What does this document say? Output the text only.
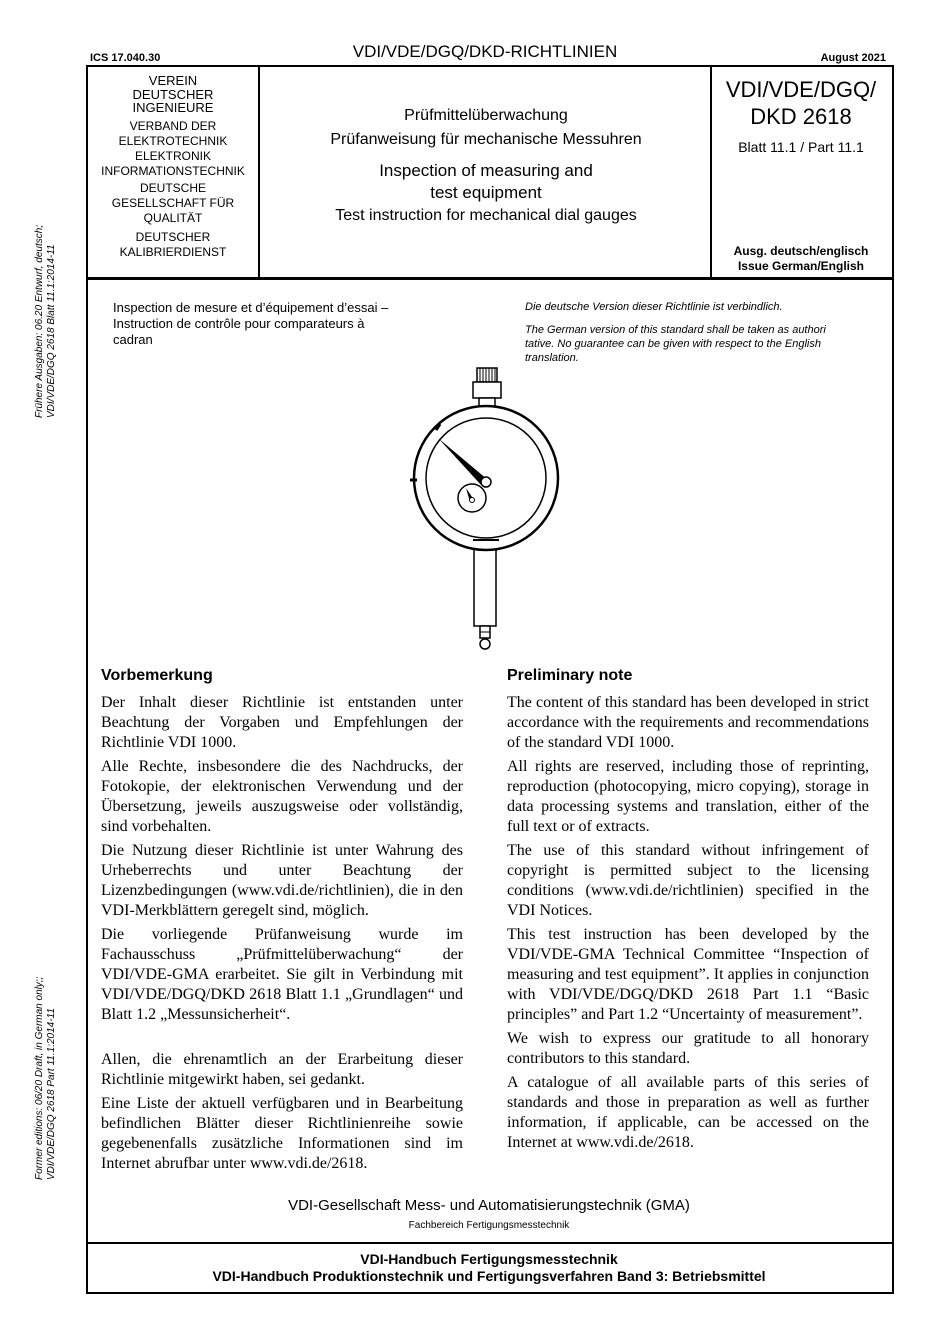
ICS 17.040.30	VDI/VDE/DGQ/DKD-RICHTLINIEN	August 2021
VEREIN
DEUTSCHER
INGENIEURE
VERBAND DER
ELEKTROTECHNIK
ELEKTRONIK
INFORMATIONSTECHNIK
DEUTSCHE
GESELLSCHAFT FÜR
QUALITÄT
DEUTSCHER
KALIBRIERDIENST
Prüfmittelüberwachung
Prüfanweisung für mechanische Messuhren
Inspection of measuring and
test equipment
Test instruction for mechanical dial gauges
VDI/VDE/DGQ/
DKD 2618
Blatt 11.1 / Part 11.1
Ausg. deutsch/englisch
Issue German/English
Inspection de mesure et d’équipement d’essai –
Instruction de contrôle pour comparateurs à
cadran
Die deutsche Version dieser Richtlinie ist verbindlich.
The German version of this standard shall be taken as authori
tative. No guarantee can be given with respect to the English
translation.
Vorbemerkung

Der Inhalt dieser Richtlinie ist entstanden unter Beachtung der Vorgaben und Empfehlungen der Richtlinie VDI 1000.

Alle Rechte, insbesondere die des Nachdrucks, der Fotokopie, der elektronischen Verwendung und der Übersetzung, jeweils auszugsweise oder vollständig, sind vorbehalten.

Die Nutzung dieser Richtlinie ist unter Wahrung des Urheberrechts und unter Beachtung der Lizenzbedingungen (www.vdi.de/richtlinien), die in den VDI-Merkblättern geregelt sind, möglich.

Die vorliegende Prüfanweisung wurde im Fachausschuss „Prüfmittelüberwachung“ der VDI/VDE-GMA erarbeitet. Sie gilt in Verbindung mit VDI/VDE/DGQ/DKD 2618 Blatt 1.1 „Grundlagen“ und Blatt 1.2 „Messunsicherheit“.

Allen, die ehrenamtlich an der Erarbeitung dieser Richtlinie mitgewirkt haben, sei gedankt.

Eine Liste der aktuell verfügbaren und in Bearbeitung befindlichen Blätter dieser Richtlinienreihe sowie gegebenenfalls zusätzliche Informationen sind im Internet abrufbar unter www.vdi.de/2618.

Preliminary note

The content of this standard has been developed in strict accordance with the requirements and recommendations of the standard VDI 1000.

All rights are reserved, including those of reprinting, reproduction (photocopying, micro copying), storage in data processing systems and translation, either of the full text or of extracts.

The use of this standard without infringement of copyright is permitted subject to the licensing conditions (www.vdi.de/richtlinien) specified in the VDI Notices.

This test instruction has been developed by the VDI/VDE-GMA Technical Committee “Inspection of measuring and test equipment”. It applies in conjunction with VDI/VDE/DGQ/DKD 2618 Part 1.1 “Basic principles” and Part 1.2 “Uncertainty of measurement”.

We wish to express our gratitude to all honorary contributors to this standard.

A catalogue of all available parts of this series of standards and those in preparation as well as further information, if applicable, can be accessed on the Internet at www.vdi.de/2618.

VDI-Gesellschaft Mess- und Automatisierungstechnik (GMA)
Fachbereich Fertigungsmesstechnik
VDI-Handbuch Fertigungsmesstechnik
VDI-Handbuch Produktionstechnik und Fertigungsverfahren Band 3: Betriebsmittel
Frühere Ausgaben: 06.20 Entwurf, deutsch; VDI/VDE/DGQ 2618 Blatt 11.1:2014-11
Former editions: 06/20 Draft, in German only;; VDI/VDE/DGQ 2618 Part 11.1:2014-11
